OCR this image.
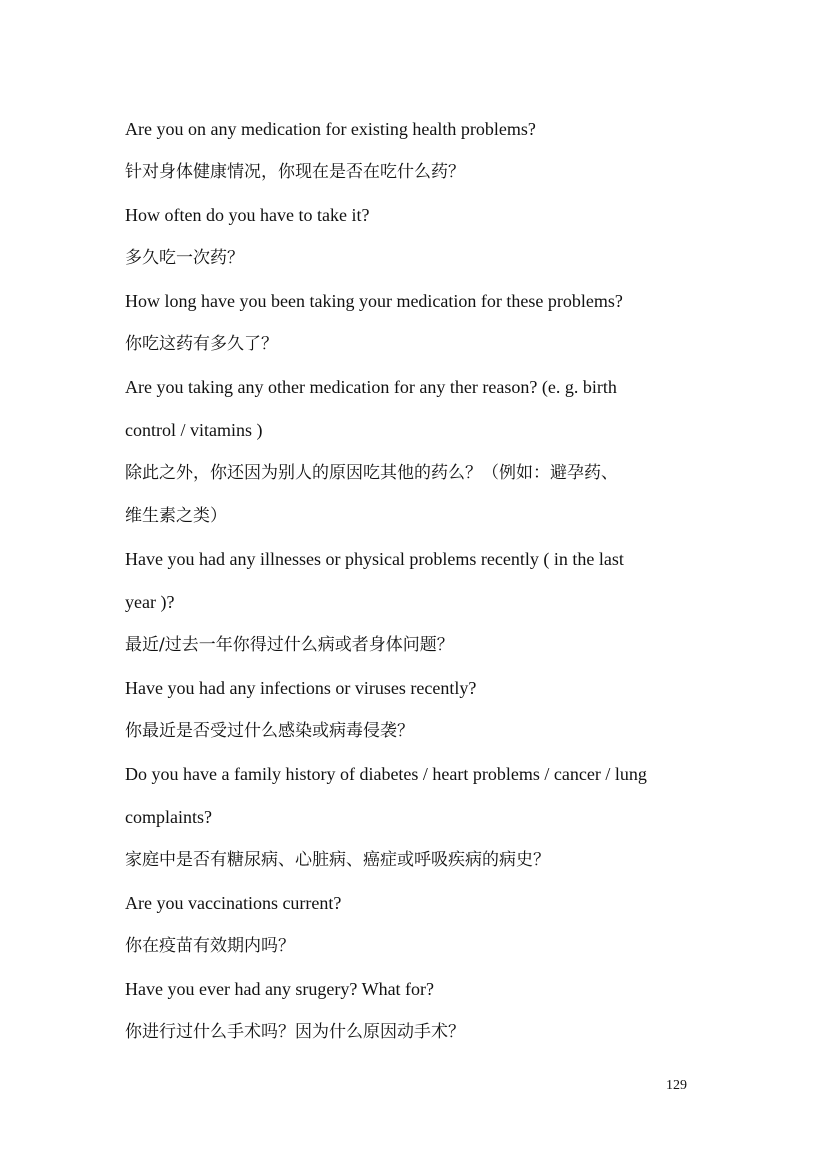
Are you on any medication for existing health problems?
针对身体健康情况，你现在是否在吃什么药？
How often do you have to take it?
多久吃一次药？
How long have you been taking your medication for these problems?
你吃这药有多久了？
Are you taking any other medication for any ther reason? (e. g. birth
control / vitamins )
除此之外，你还因为别人的原因吃其他的药么？（例如：避孕药、
维生素之类）
Have you had any illnesses or physical problems recently ( in the last
year )?
最近/过去一年你得过什么病或者身体问题？
Have you had any infections or viruses recently?
你最近是否受过什么感染或病毒侵袭？
Do you have a family history of diabetes / heart problems / cancer / lung
complaints?
家庭中是否有糖尿病、心脏病、癌症或呼吸疾病的病史？
Are you vaccinations current?
你在疫苗有效期内吗？
Have you ever had any srugery? What for?
你进行过什么手术吗？因为什么原因动手术？
129
